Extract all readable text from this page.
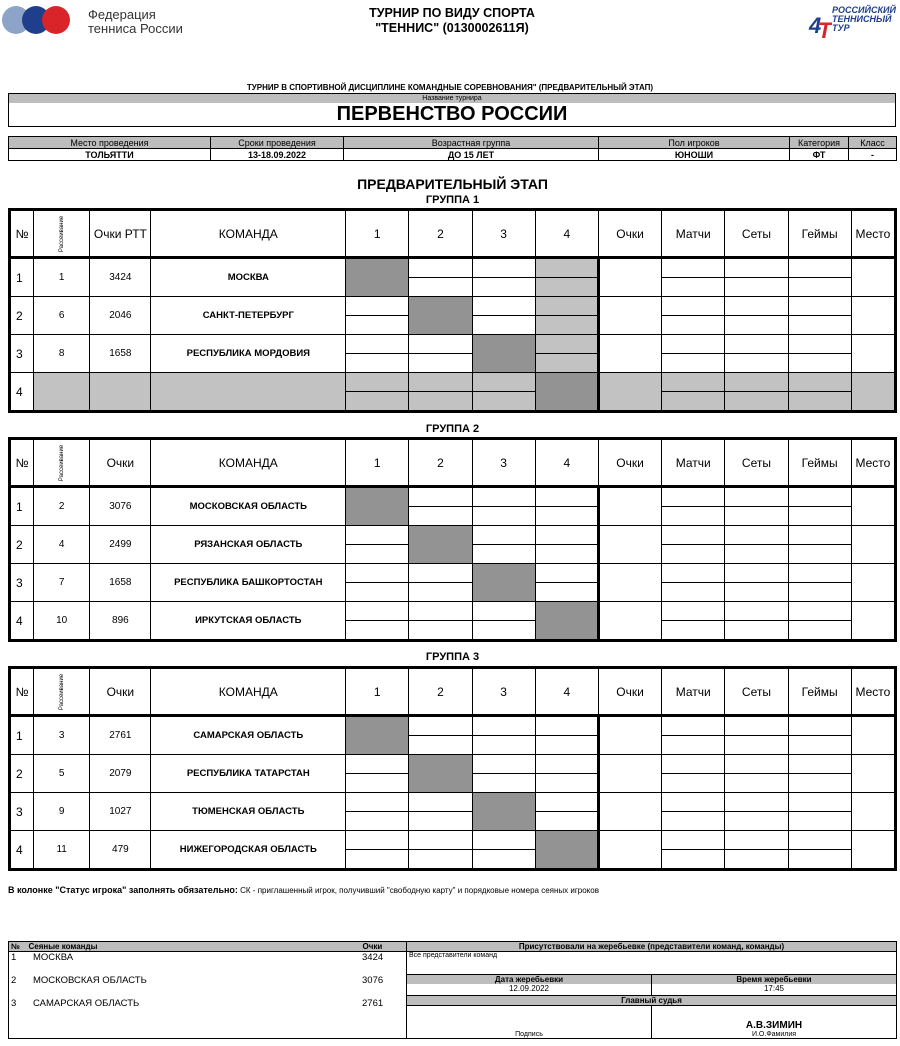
Федерация
тенниса России
ТУРНИР ПО ВИДУ СПОРТА
"ТЕННИС" (0130002611Я)	4
T
РОССИЙСКИЙ
ТЕННИСНЫЙ
ТУР
ТУРНИР В СПОРТИВНОЙ ДИСЦИПЛИНЕ КОМАНДНЫЕ СОРЕВНОВАНИЯ" (ПРЕДВАРИТЕЛЬНЫЙ ЭТАП)
Название турнира
ПЕРВЕНСТВО РОССИИ
Место проведения	Сроки проведения	Возрастная группа	Пол игроков	Категория	Класс
ТОЛЬЯТТИ	13-18.09.2022	ДО 15 ЛЕТ	ЮНОШИ	ФТ	-
ПРЕДВАРИТЕЛЬНЫЙ ЭТАП
ГРУППА 1
ГРУППА 2
ГРУППА 3
№	Рассеивание	Очки РТТ	КОМАНДА	1	2	3	4	Очки	Матчи	Сеты	Геймы	Место
1	1	3424	МОСКВА									

2	6	2046	САНКТ-ПЕТЕРБУРГ									

3	8	1658	РЕСПУБЛИКА МОРДОВИЯ									

4												

№	Рассеивание	Очки	КОМАНДА	1	2	3	4	Очки	Матчи	Сеты	Геймы	Место
1	2	3076	МОСКОВСКАЯ ОБЛАСТЬ									

2	4	2499	РЯЗАНСКАЯ ОБЛАСТЬ									

3	7	1658	РЕСПУБЛИКА БАШКОРТОСТАН									

4	10	896	ИРКУТСКАЯ ОБЛАСТЬ									

№	Рассеивание	Очки	КОМАНДА	1	2	3	4	Очки	Матчи	Сеты	Геймы	Место
1	3	2761	САМАРСКАЯ ОБЛАСТЬ									

2	5	2079	РЕСПУБЛИКА ТАТАРСТАН									

3	9	1027	ТЮМЕНСКАЯ ОБЛАСТЬ									

4	11	479	НИЖЕГОРОДСКАЯ ОБЛАСТЬ									

В колонке "Статус игрока" заполнять обязательно: СК - приглашенный игрок, получивший "свободную карту" и порядковые номера сеяных игроков
№	Сеяные команды	Очки	Присутствовали на жеребьевке (представители команд, команды)

1	МОСКВА	3424
2	МОСКОВСКАЯ ОБЛАСТЬ	3076
3	САМАРСКАЯ ОБЛАСТЬ	2761
	Все представители команд

Дата жеребьевки
12.09.2022

Время жеребьевки
17:45

Главный судья
Подпись	
А.В.ЗИМИН
И.О.Фамилия
